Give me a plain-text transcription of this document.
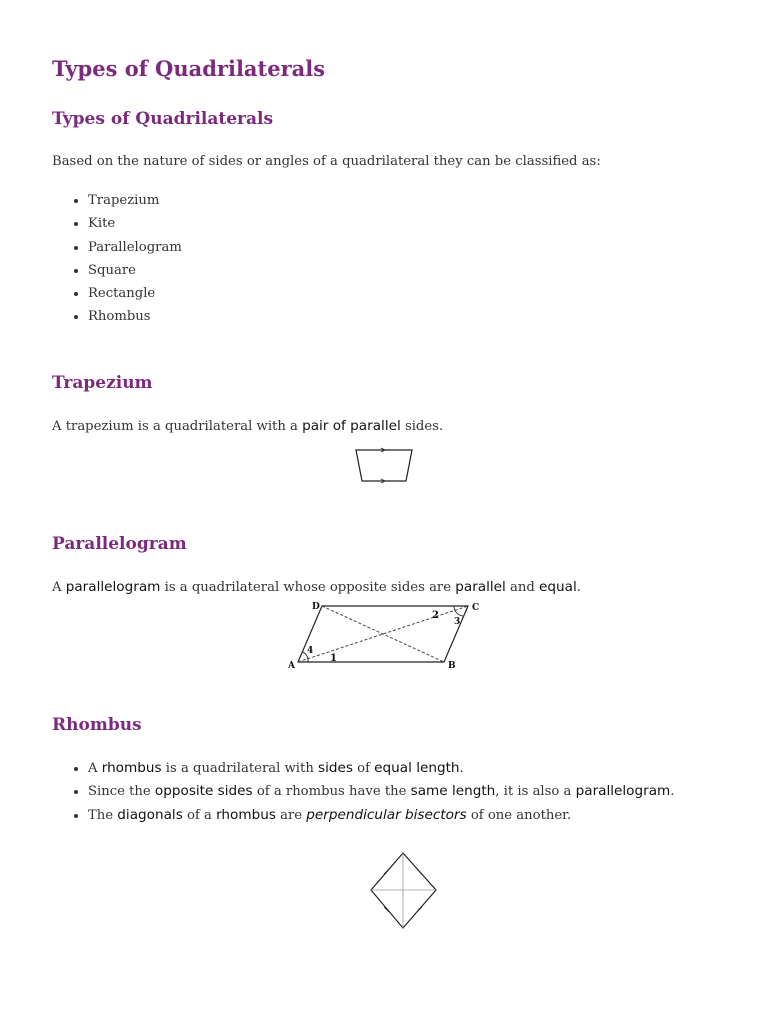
Types of Quadrilaterals
Types of Quadrilaterals

Based on the nature of sides or angles of a quadrilateral they can be classified as:

• Trapezium
• Kite
• Parallelogram
• Square
• Rectangle
• Rhombus
Trapezium

A trapezium is a quadrilateral with a pair of parallel sides.

Parallelogram

A parallelogram is a quadrilateral whose opposite sides are parallel and equal.

A	B
C
D
1
2
3
4
Rhombus
• A rhombus is a quadrilateral with sides of equal length.
• Since the opposite sides of a rhombus have the same length, it is also a parallelogram.
• The diagonals of a rhombus are perpendicular bisectors of one another.
